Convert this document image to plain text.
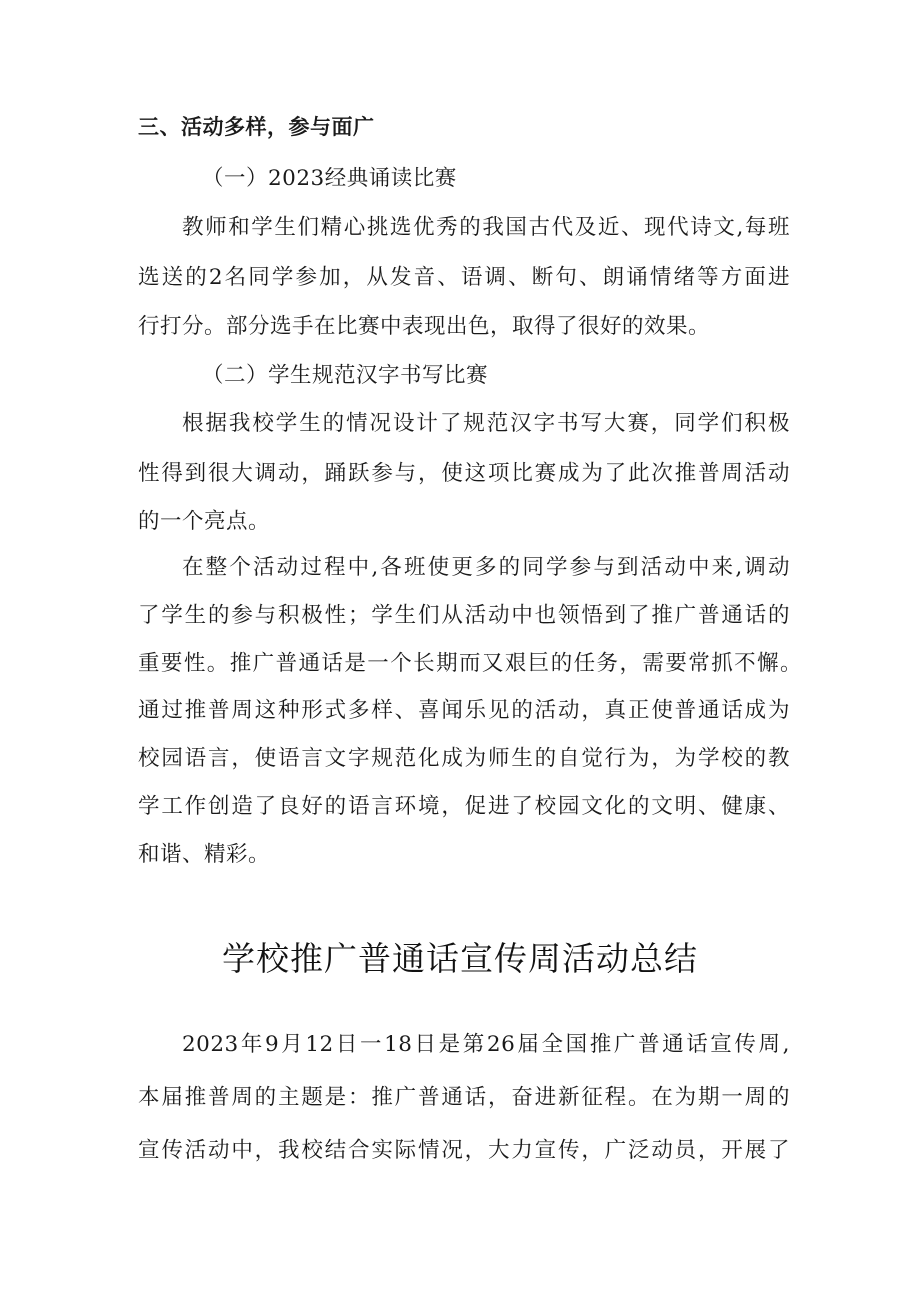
三、活动多样，参与面广
（一）2023经典诵读比赛
教师和学生们精心挑选优秀的我国古代及近、现代诗文,每班
选送的2名同学参加，从发音、语调、断句、朗诵情绪等方面进
行打分。部分选手在比赛中表现出色，取得了很好的效果。
（二）学生规范汉字书写比赛
根据我校学生的情况设计了规范汉字书写大赛，同学们积极
性得到很大调动，踊跃参与，使这项比赛成为了此次推普周活动
的一个亮点。
在整个活动过程中,各班使更多的同学参与到活动中来,调动
了学生的参与积极性；学生们从活动中也领悟到了推广普通话的
重要性。推广普通话是一个长期而又艰巨的任务，需要常抓不懈。
通过推普周这种形式多样、喜闻乐见的活动，真正使普通话成为
校园语言，使语言文字规范化成为师生的自觉行为，为学校的教
学工作创造了良好的语言环境，促进了校园文化的文明、健康、
和谐、精彩。
学校推广普通话宣传周活动总结
2023年9月12日一18日是第26届全国推广普通话宣传周,
本届推普周的主题是：推广普通话，奋进新征程。在为期一周的
宣传活动中，我校结合实际情况，大力宣传，广泛动员，开展了
